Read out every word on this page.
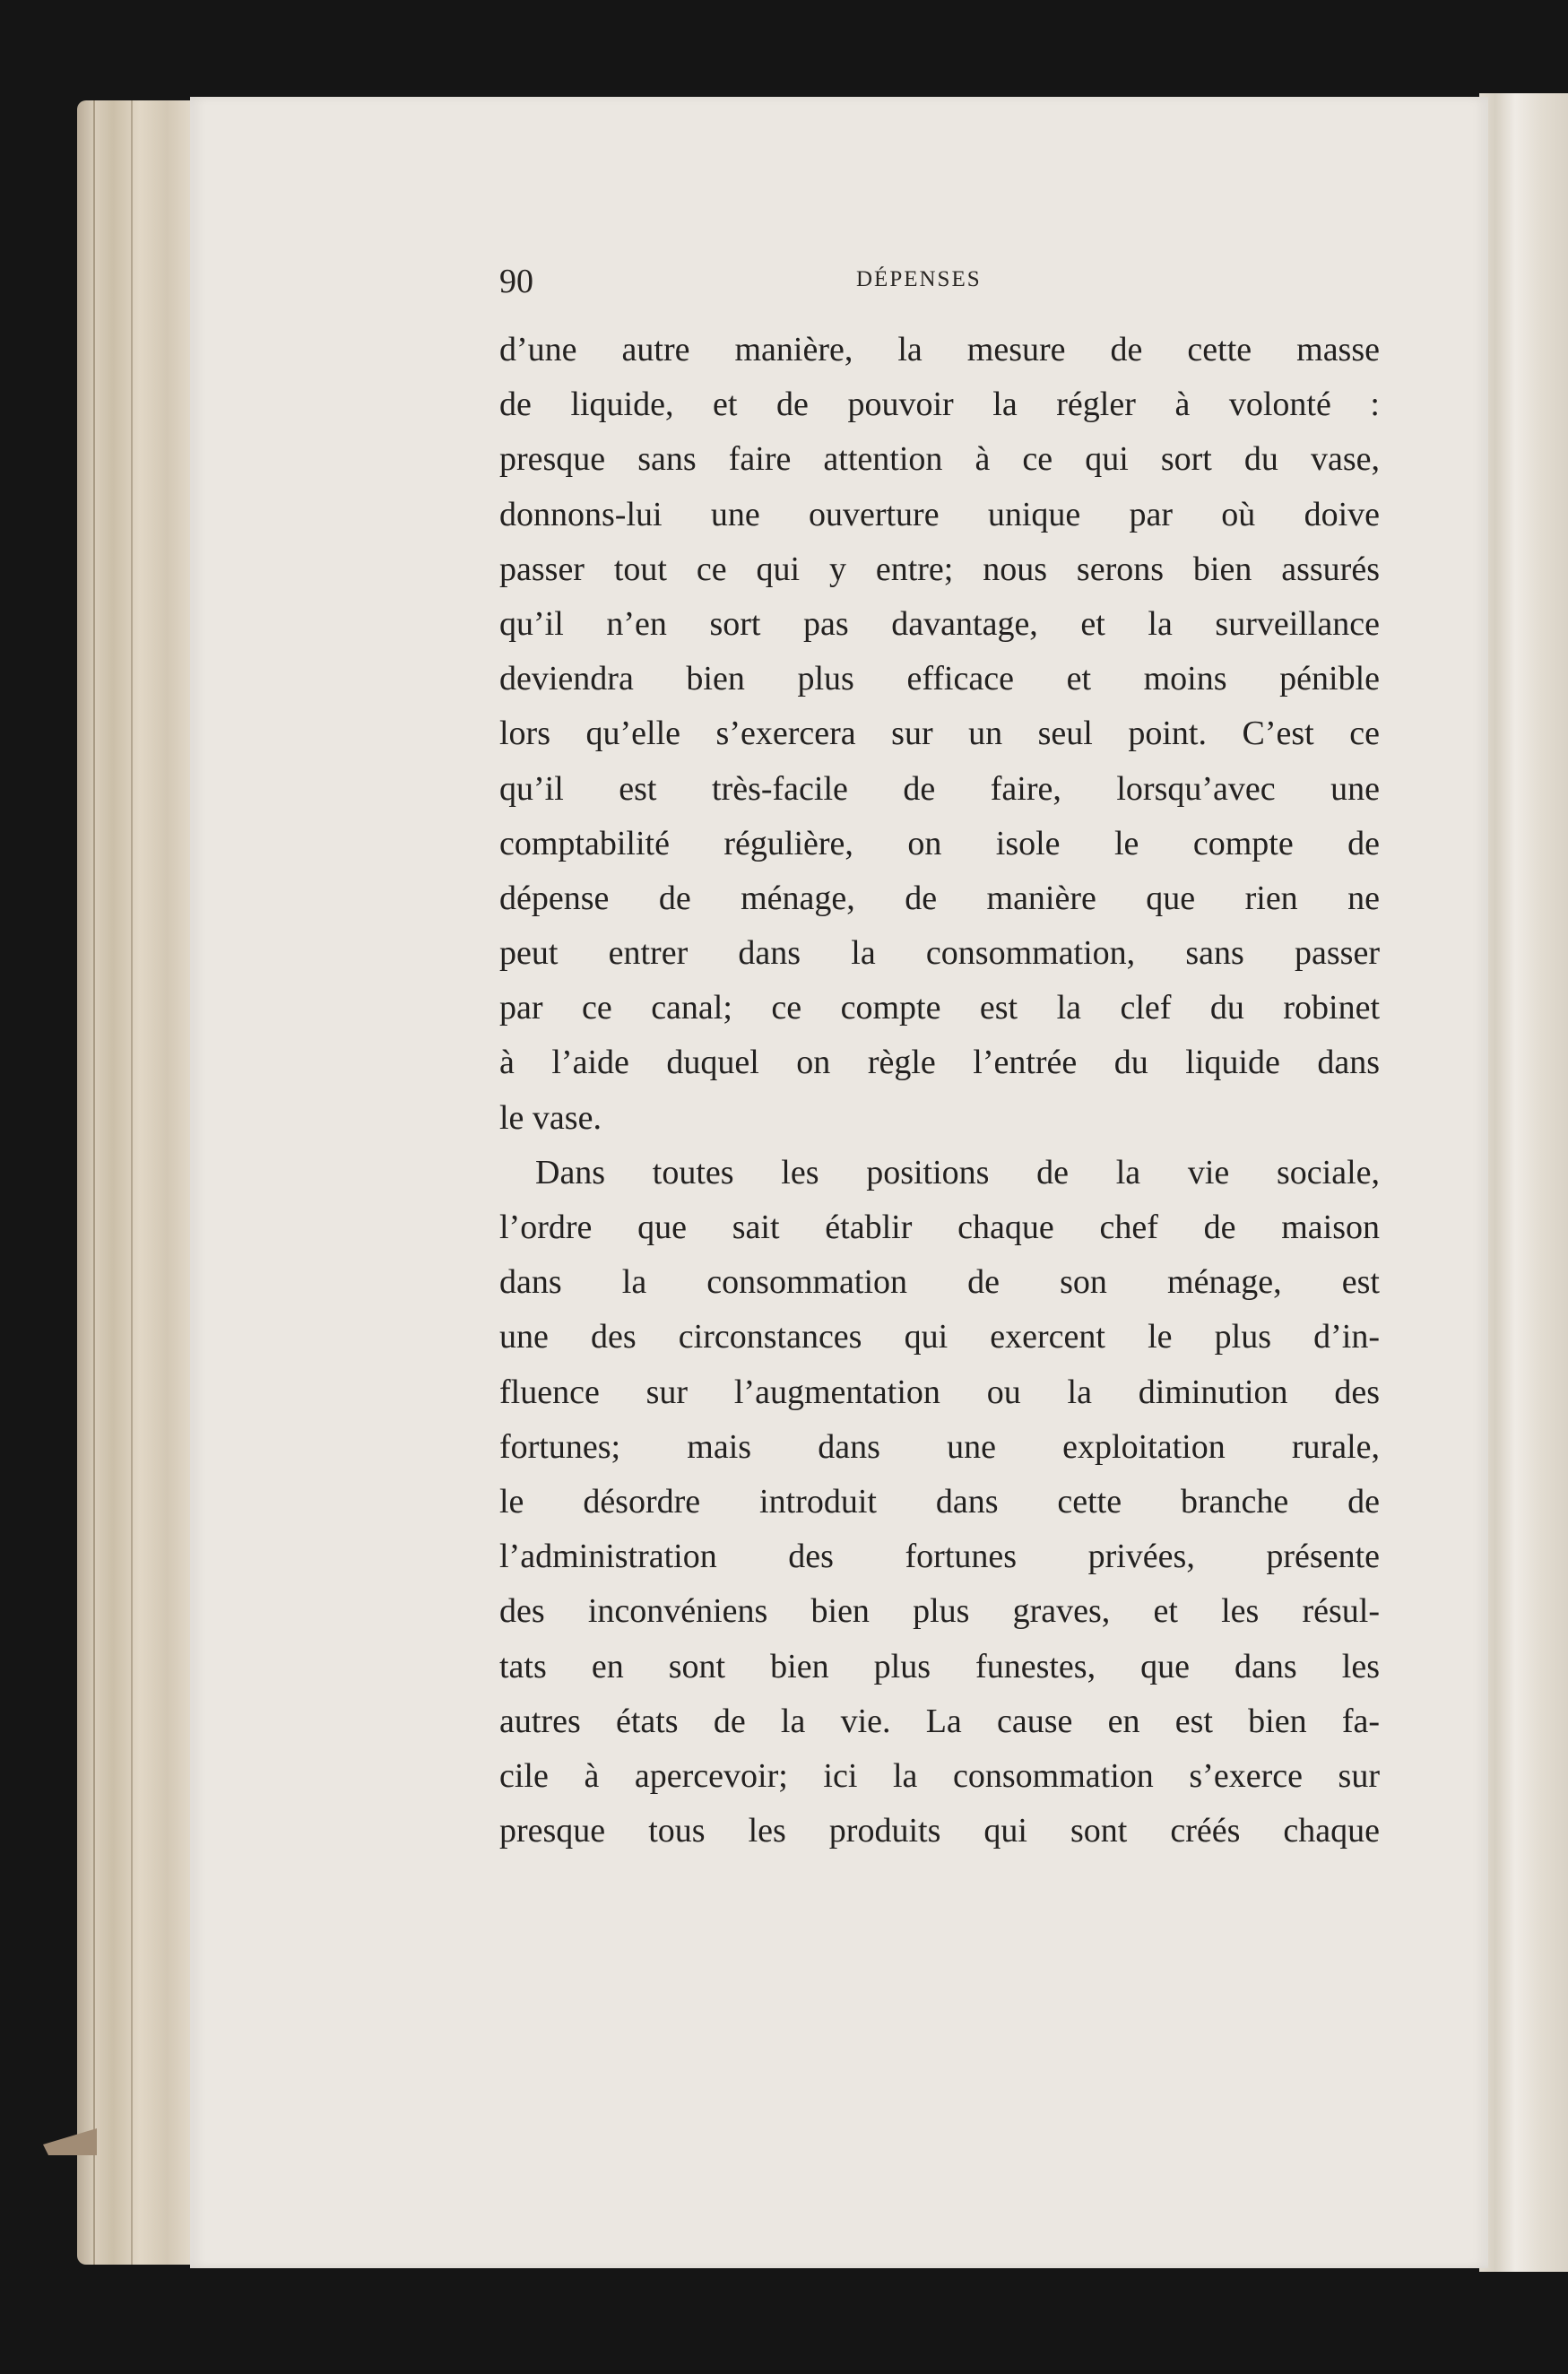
90	DÉPENSES
d’une autre manière, la mesure de cette masse
de liquide, et de pouvoir la régler à volonté :
presque sans faire attention à ce qui sort du vase,
donnons-lui une ouverture unique par où doive
passer tout ce qui y entre; nous serons bien assurés
qu’il n’en sort pas davantage, et la surveillance
deviendra bien plus efficace et moins pénible
lors qu’elle s’exercera sur un seul point. C’est ce
qu’il est très-facile de faire, lorsqu’avec une
comptabilité régulière, on isole le compte de
dépense de ménage, de manière que rien ne
peut entrer dans la consommation, sans passer
par ce canal; ce compte est la clef du robinet
à l’aide duquel on règle l’entrée du liquide dans
le vase.
Dans toutes les positions de la vie sociale,
l’ordre que sait établir chaque chef de maison
dans la consommation de son ménage, est
une des circonstances qui exercent le plus d’in-
fluence sur l’augmentation ou la diminution des
fortunes; mais dans une exploitation rurale,
le désordre introduit dans cette branche de
l’administration des fortunes privées, présente
des inconvéniens bien plus graves, et les résul-
tats en sont bien plus funestes, que dans les
autres états de la vie. La cause en est bien fa-
cile à apercevoir; ici la consommation s’exerce sur
presque tous les produits qui sont créés chaque
